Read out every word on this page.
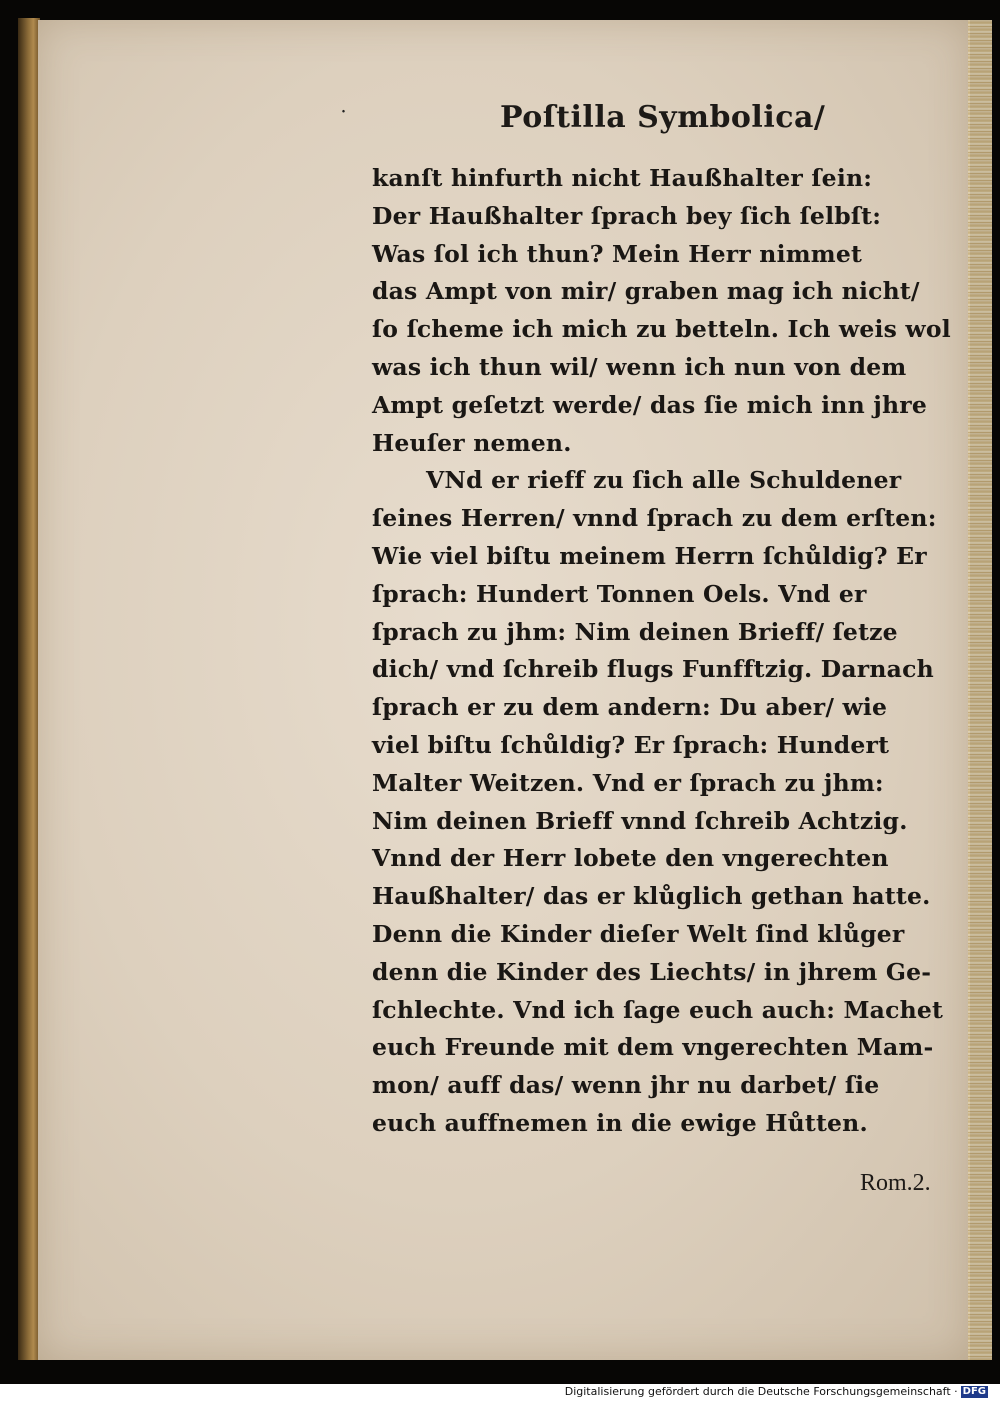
˙	Poſtilla Symbolica/
kanſt hinfurth nicht Haußhalter ſein:
Der Haußhalter ſprach bey ſich ſelbſt:
Was ſol ich thun? Mein Herr nimmet
das Ampt von mir/ graben mag ich nicht/
ſo ſcheme ich mich zu betteln. Ich weis wol
was ich thun wil/ wenn ich nun von dem
Ampt geſetzt werde/ das ſie mich inn jhre
Heuſer nemen.
VNd er rieff zu ſich alle Schuldener
ſeines Herren/ vnnd ſprach zu dem erſten:
Wie viel biſtu meinem Herrn ſchůldig? Er
ſprach: Hundert Tonnen Oels. Vnd er
ſprach zu jhm: Nim deinen Brieff/ ſetze
dich/ vnd ſchreib flugs Funfftzig. Darnach
ſprach er zu dem andern: Du aber/ wie
viel biſtu ſchůldig? Er ſprach: Hundert
Malter Weitzen. Vnd er ſprach zu jhm:
Nim deinen Brieff vnnd ſchreib Achtzig.
Vnnd der Herr lobete den vngerechten
Haußhalter/ das er klůglich gethan hatte.
Denn die Kinder dieſer Welt ſind klůger
denn die Kinder des Liechts/ in jhrem Ge-
ſchlechte. Vnd ich ſage euch auch: Machet
euch Freunde mit dem vngerechten Mam-
mon/ auff das/ wenn jhr nu darbet/ ſie
euch auffnemen in die ewige Hůtten.
Rom.2.
Digitalisierung gefördert durch die Deutsche Forschungsgemeinschaft · DFG
